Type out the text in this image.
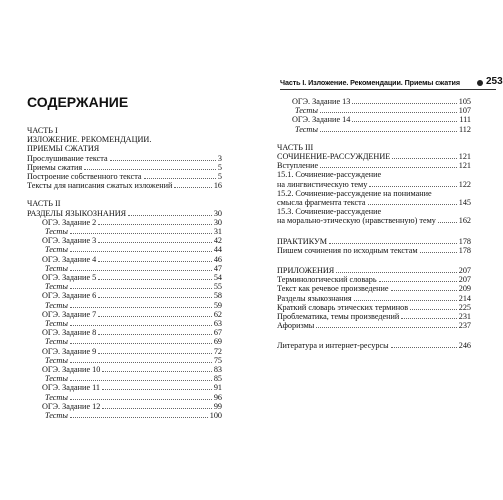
СОДЕРЖАНИЕ
ЧАСТЬ I
ИЗЛОЖЕНИЕ. РЕКОМЕНДАЦИИ.
ПРИЕМЫ СЖАТИЯ
Прослушивание текста	3
Приемы сжатия	5
Построение собственного текста	5
Тексты для написания сжатых изложений	16
ЧАСТЬ II
РАЗДЕЛЫ ЯЗЫКОЗНАНИЯ	30
ОГЭ. Задание 2	30
Тесты	31
ОГЭ. Задание 3	42
Тесты	44
ОГЭ. Задание 4	46
Тесты	47
ОГЭ. Задание 5	54
Тесты	55
ОГЭ. Задание 6	58
Тесты	59
ОГЭ. Задание 7	62
Тесты	63
ОГЭ. Задание 8	67
Тесты	69
ОГЭ. Задание 9	72
Тесты	75
ОГЭ. Задание 10	83
Тесты	85
ОГЭ. Задание 11	91
Тесты	96
ОГЭ. Задание 12	99
Тесты	100
Часть I. Изложение. Рекомендации. Приемы сжатия	253
ОГЭ. Задание 13	105
Тесты	107
ОГЭ. Задание 14	111
Тесты	112
ЧАСТЬ III
СОЧИНЕНИЕ-РАССУЖДЕНИЕ	121
Вступление	121
15.1. Сочинение-рассуждение
на лингвистическую тему	122
15.2. Сочинение-рассуждение на понимание
смысла фрагмента текста	145
15.3. Сочинение-рассуждение
на морально-этическую (нравственную) тему	162
ПРАКТИКУМ	178
Пишем сочинения по исходным текстам	178
ПРИЛОЖЕНИЯ	207
Терминологический словарь	207
Текст как речевое произведение	209
Разделы языкознания	214
Краткий словарь этических терминов	225
Проблематика, темы произведений	231
Афоризмы	237
Литература и интернет-ресурсы	246
